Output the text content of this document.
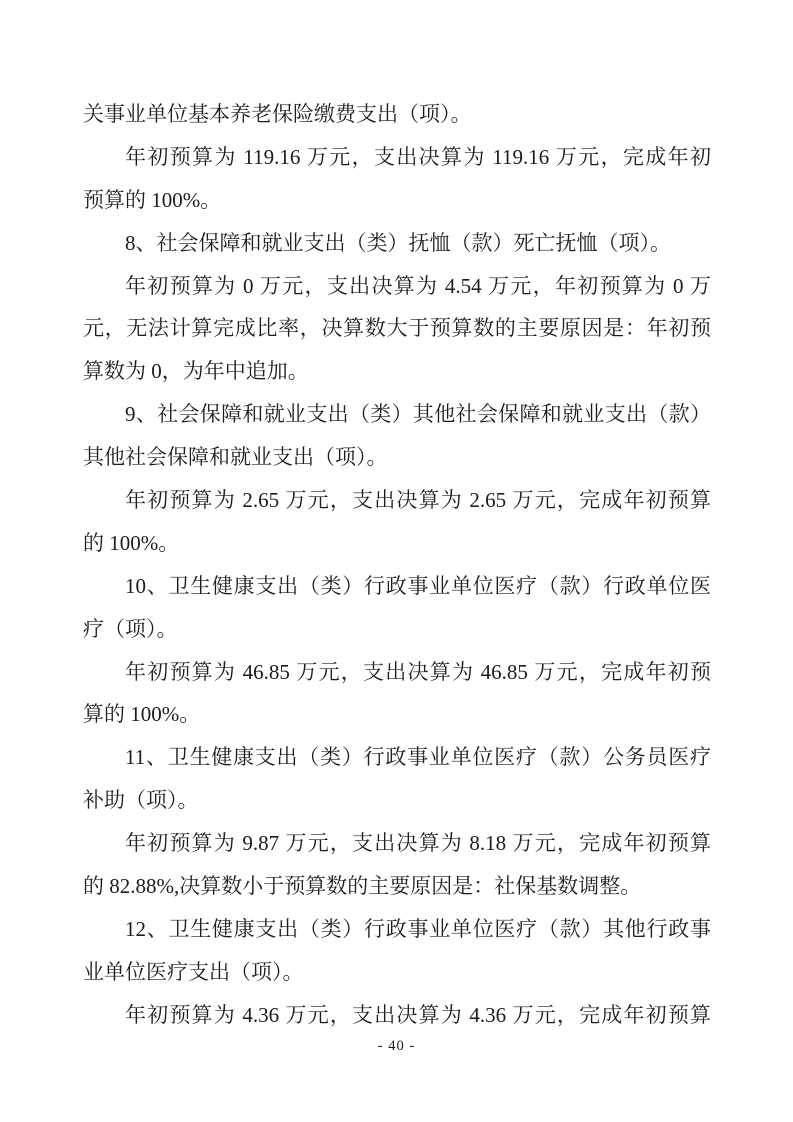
关事业单位基本养老保险缴费支出（项）。
年初预算为 119.16 万元，支出决算为 119.16 万元，完成年初
预算的 100%。
8、社会保障和就业支出（类）抚恤（款）死亡抚恤（项）。
年初预算为 0 万元，支出决算为 4.54 万元，年初预算为 0 万
元，无法计算完成比率，决算数大于预算数的主要原因是：年初预
算数为 0，为年中追加。
9、社会保障和就业支出（类）其他社会保障和就业支出（款）
其他社会保障和就业支出（项）。
年初预算为 2.65 万元，支出决算为 2.65 万元，完成年初预算
的 100%。
10、卫生健康支出（类）行政事业单位医疗（款）行政单位医
疗（项）。
年初预算为 46.85 万元，支出决算为 46.85 万元，完成年初预
算的 100%。
11、卫生健康支出（类）行政事业单位医疗（款）公务员医疗
补助（项）。
年初预算为 9.87 万元，支出决算为 8.18 万元，完成年初预算
的 82.88%,决算数小于预算数的主要原因是：社保基数调整。
12、卫生健康支出（类）行政事业单位医疗（款）其他行政事
业单位医疗支出（项）。
年初预算为 4.36 万元，支出决算为 4.36 万元，完成年初预算
- 40 -
